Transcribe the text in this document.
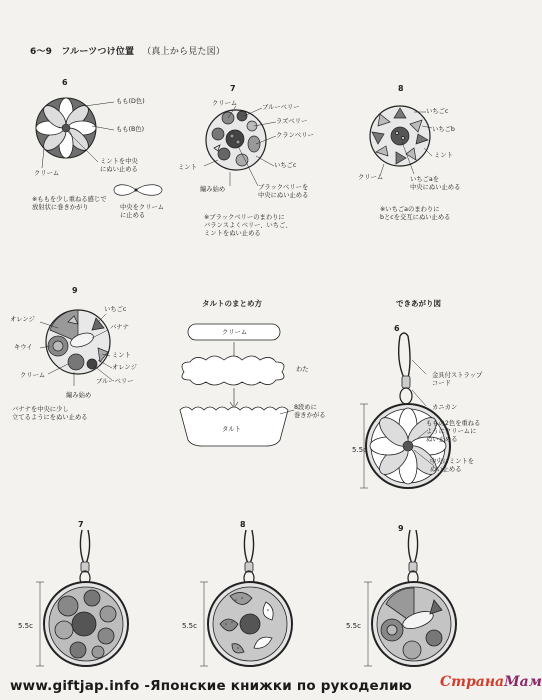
6〜9　フルーツつけ位置 （真上から見た図）
6
もも(D色)
もも(B色)
クリーム
ミントを中央
にぬい止める
※ももを少し重ねる感じで
放射状に巻きかがり	中央をクリーム
に止める
7
クリーム
ブルーベリー
ラズベリー
クランベリー
いちごc
ミント
編み始め	ブラックベリーを
中央にぬい止める
※ブラックベリーのまわりに
バランスよくベリー、いちご、
ミントをぬい止める
8
いちごc
いちごb
ミント
クリーム	いちごaを
中央にぬい止める
※いちごaのまわりに
bとcを交互にぬい止める
9
オレンジ
いちごc
バナナ
キウイ
ミント
オレンジ
クリーム
ブルーベリー
編み始め
バナナを中央に少し
立てるようにをぬい止める
タルトのまとめ方
クリーム
わた
8段めに
巻きかがる
タルト
できあがり図
6
金具付ストラップ
コード
カニカン
ももの2色を重ねる
ようにクリームに
ぬい止める
中央にミントを
ぬい止める
5.5c
7
5.5c
8
5.5c
9
5.5c
www.giftjap.info -Японские книжки по рукоделию СтранаМам
